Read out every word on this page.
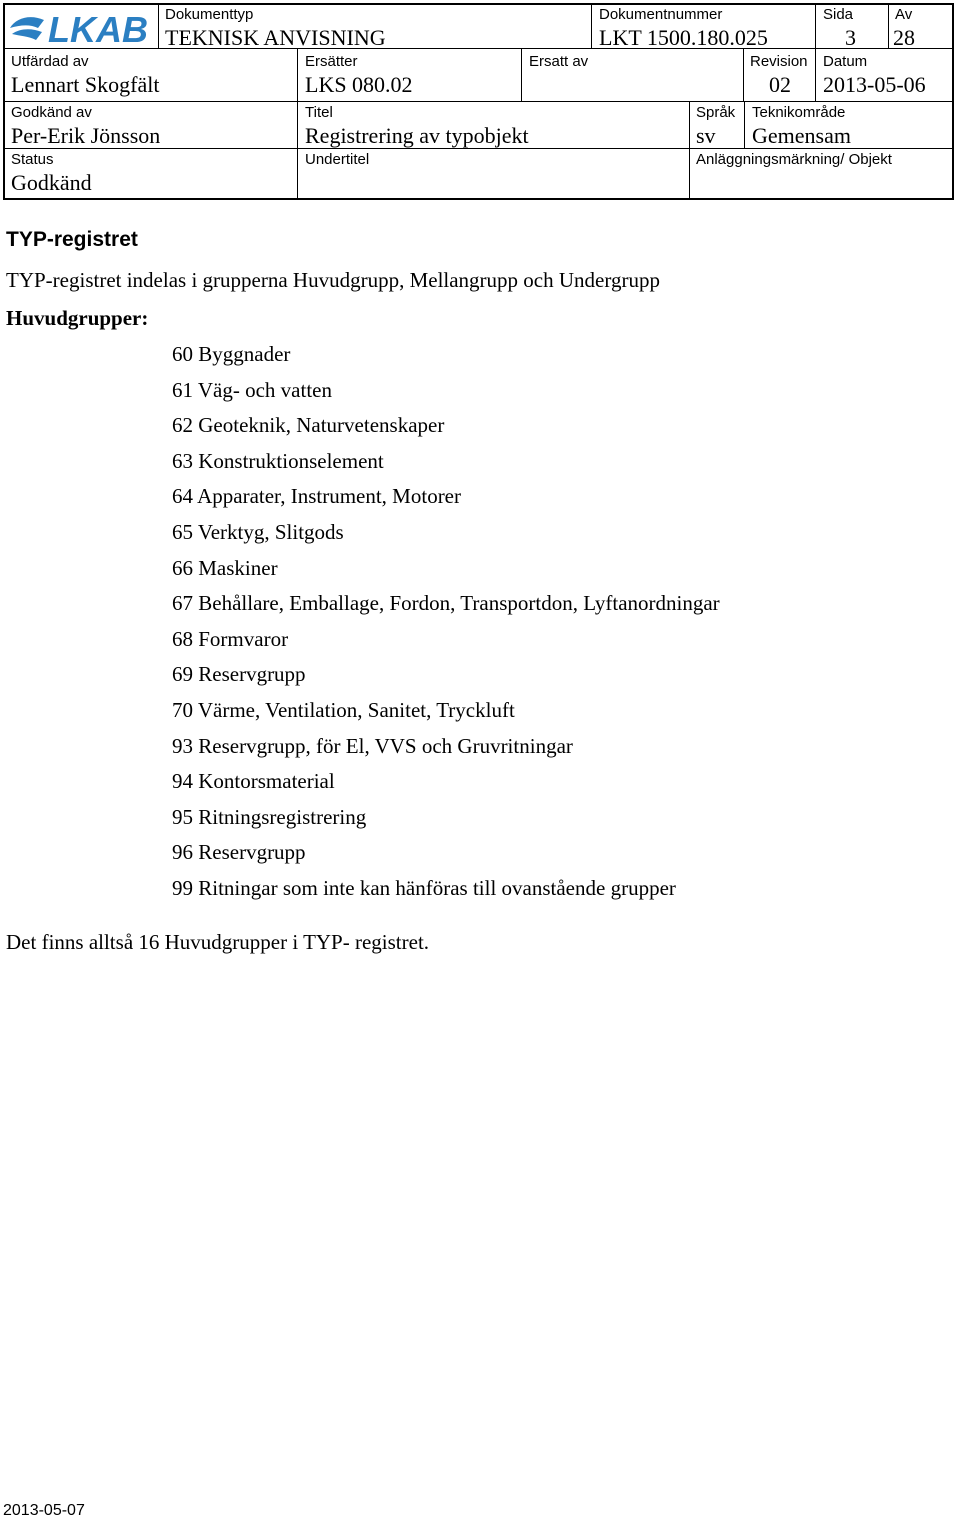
LKAB Dokumenttyp
TEKNISK ANVISNING
Dokumentnummer
LKT 1500.180.025
Sida
3
Av
28
Utfärdad av
Lennart Skogfält
Ersätter
LKS 080.02
Ersatt av	Revision
02
Datum
2013-05-06
Godkänd av
Per-Erik Jönsson
Titel
Registrering av typobjekt
Språk
sv
Teknikområde
Gemensam
Status
Godkänd
Undertitel	Anläggningsmärkning/ Objekt
TYP-registret
TYP-registret indelas i grupperna Huvudgrupp, Mellangrupp och Undergrupp
Huvudgrupper:
60 Byggnader
61 Väg- och vatten
62 Geoteknik, Naturvetenskaper
63 Konstruktionselement
64 Apparater, Instrument, Motorer
65 Verktyg, Slitgods
66 Maskiner
67 Behållare, Emballage, Fordon, Transportdon, Lyftanordningar
68 Formvaror
69 Reservgrupp
70 Värme, Ventilation, Sanitet, Tryckluft
93 Reservgrupp, för El, VVS och Gruvritningar
94 Kontorsmaterial
95 Ritningsregistrering
96 Reservgrupp
99 Ritningar som inte kan hänföras till ovanstående grupper
Det finns alltså 16 Huvudgrupper i TYP- registret.
2013-05-07
